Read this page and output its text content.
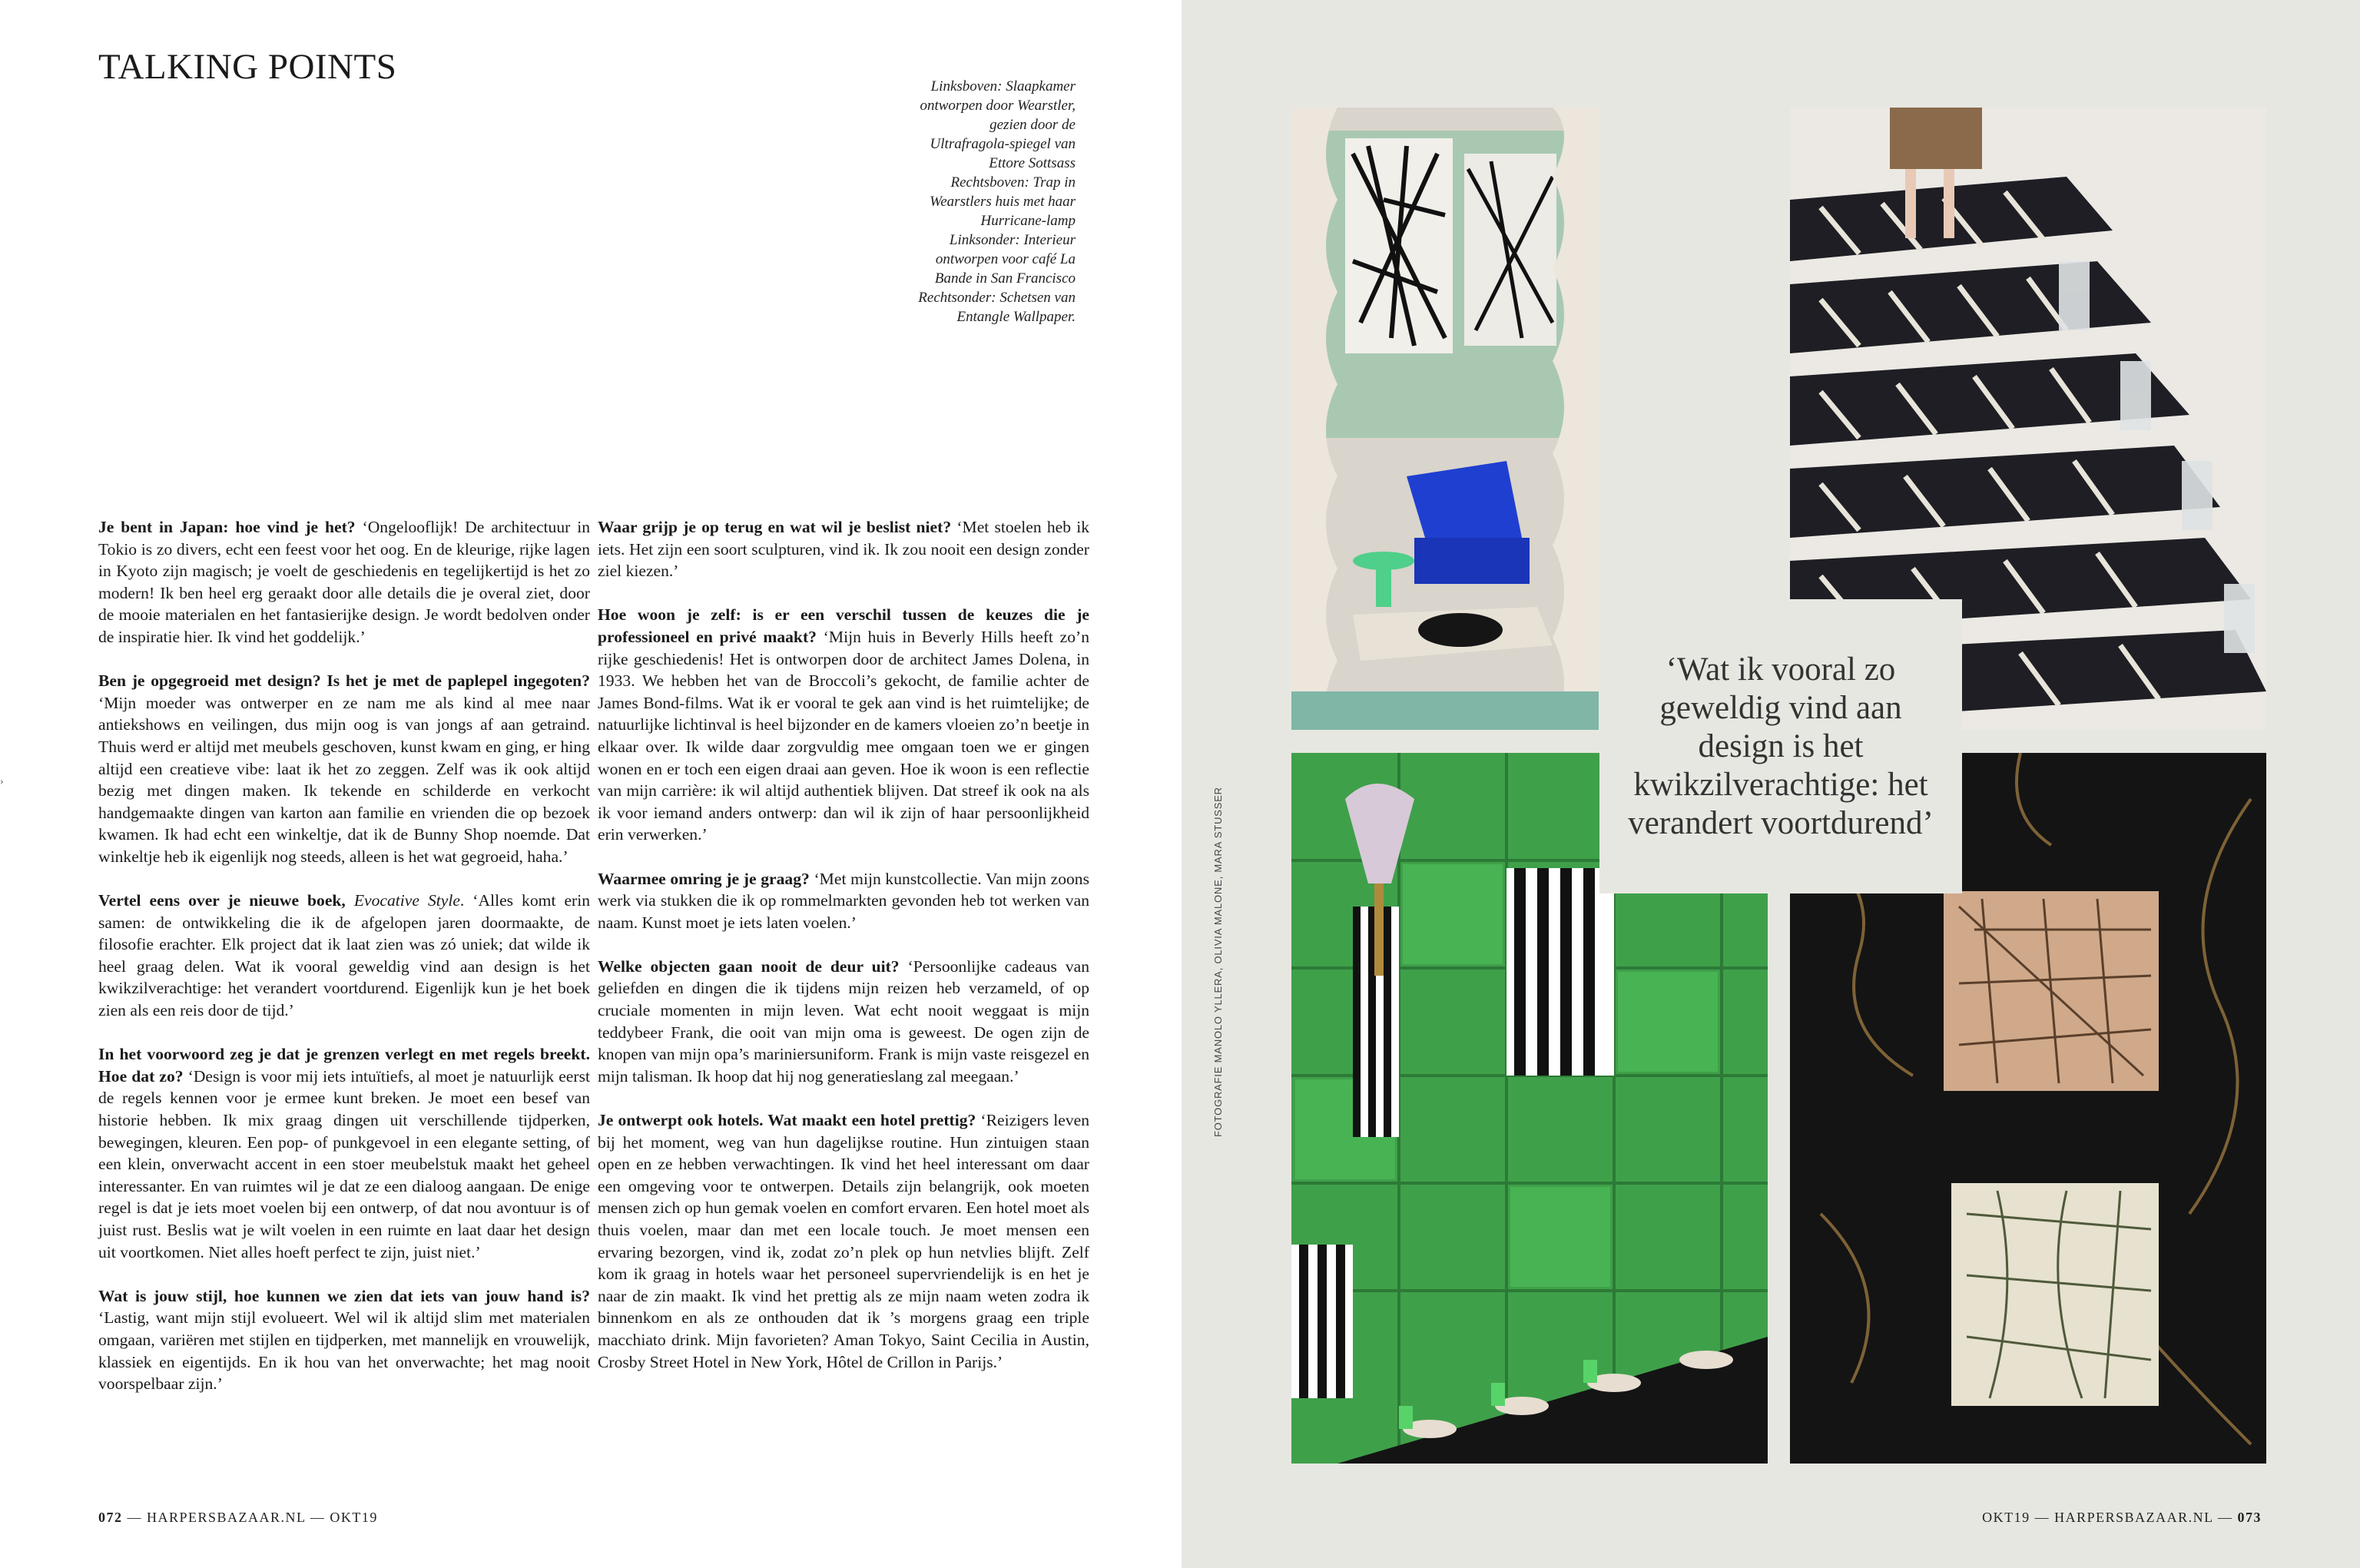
TALKING POINTS	Linksboven: Slaapkamer

ontworpen door Wearstler,

gezien door de

Ultrafragola-spiegel van

Ettore Sottsass

Rechtsboven: Trap in

Wearstlers huis met haar

Hurricane-lamp

Linksonder: Interieur

ontworpen voor café La

Bande in San Francisco

Rechtsonder: Schetsen van

Entangle Wallpaper.

›

Je bent in Japan: hoe vind je het? ‘Ongelooflijk! De architectuur in Tokio is zo divers, echt een feest voor het oog. En de kleurige, rijke lagen in Kyoto zijn magisch; je voelt de geschiedenis en tegelijkertijd is het zo modern! Ik ben heel erg geraakt door alle details die je overal ziet, door de mooie materialen en het fantasierijke design. Je wordt bedolven onder de inspiratie hier. Ik vind het goddelijk.’

Ben je opgegroeid met design? Is het je met de paplepel ingegoten? ‘Mijn moeder was ontwerper en ze nam me als kind al mee naar antiekshows en veilingen, dus mijn oog is van jongs af aan getraind. Thuis werd er altijd met meubels geschoven, kunst kwam en ging, er hing altijd een creatieve vibe: laat ik het zo zeggen. Zelf was ik ook altijd bezig met dingen maken. Ik tekende en schilderde en verkocht handgemaakte dingen van karton aan familie en vrienden die op bezoek kwamen. Ik had echt een winkeltje, dat ik de Bunny Shop noemde. Dat winkeltje heb ik eigenlijk nog steeds, alleen is het wat gegroeid, haha.’

Vertel eens over je nieuwe boek, Evocative Style. ‘Alles komt erin samen: de ontwikkeling die ik de afgelopen jaren doormaakte, de filosofie erachter. Elk project dat ik laat zien was zó uniek; dat wilde ik heel graag delen. Wat ik vooral geweldig vind aan design is het kwikzilverachtige: het verandert voortdurend. Eigenlijk kun je het boek zien als een reis door de tijd.’

In het voorwoord zeg je dat je grenzen verlegt en met regels breekt. Hoe dat zo? ‘Design is voor mij iets intuïtiefs, al moet je natuurlijk eerst de regels kennen voor je ermee kunt breken. Je moet een besef van historie hebben. Ik mix graag dingen uit verschillende tijdperken, bewegingen, kleuren. Een pop- of punkgevoel in een elegante setting, of een klein, onverwacht accent in een stoer meubelstuk maakt het geheel interessanter. En van ruimtes wil je dat ze een dialoog aangaan. De enige regel is dat je iets moet voelen bij een ontwerp, of dat nou avontuur is of juist rust. Beslis wat je wilt voelen in een ruimte en laat daar het design uit voortkomen. Niet alles hoeft perfect te zijn, juist niet.’

Wat is jouw stijl, hoe kunnen we zien dat iets van jouw hand is? ‘Lastig, want mijn stijl evolueert. Wel wil ik altijd slim met materialen omgaan, variëren met stijlen en tijdperken, met mannelijk en vrouwelijk, klassiek en eigentijds. En ik hou van het onverwachte; het mag nooit voorspelbaar zijn.’

Waar grijp je op terug en wat wil je beslist niet? ‘Met stoelen heb ik iets. Het zijn een soort sculpturen, vind ik. Ik zou nooit een design zonder ziel kiezen.’

Hoe woon je zelf: is er een verschil tussen de keuzes die je professioneel en privé maakt? ‘Mijn huis in Beverly Hills heeft zo’n rijke geschiedenis! Het is ontworpen door de architect James Dolena, in 1933. We hebben het van de Broccoli’s gekocht, de familie achter de James Bond-films. Wat ik er vooral te gek aan vind is het ruimtelijke; de natuurlijke lichtinval is heel bijzonder en de kamers vloeien zo’n beetje in elkaar over. Ik wilde daar zorgvuldig mee omgaan toen we er gingen wonen en er toch een eigen draai aan geven. Hoe ik woon is een reflectie van mijn carrière: ik wil altijd authentiek blijven. Dat streef ik ook na als ik voor iemand anders ontwerp: dan wil ik zijn of haar persoonlijkheid erin verwerken.’

Waarmee omring je je graag? ‘Met mijn kunstcollectie. Van mijn zoons werk via stukken die ik op rommelmarkten gevonden heb tot werken van naam. Kunst moet je iets laten voelen.’

Welke objecten gaan nooit de deur uit? ‘Persoonlijke cadeaus van geliefden en dingen die ik tijdens mijn reizen heb verzameld, of op cruciale momenten in mijn leven. Wat echt nooit weggaat is mijn teddybeer Frank, die ooit van mijn oma is geweest. De ogen zijn de knopen van mijn opa’s mariniersuniform. Frank is mijn vaste reisgezel en mijn talisman. Ik hoop dat hij nog generatieslang zal meegaan.’

Je ontwerpt ook hotels. Wat maakt een hotel prettig? ‘Reizigers leven bij het moment, weg van hun dagelijkse routine. Hun zintuigen staan open en ze hebben verwachtingen. Ik vind het heel interessant om daar een omgeving voor te ontwerpen. Details zijn belangrijk, ook moeten mensen zich op hun gemak voelen en comfort ervaren. Een hotel moet als thuis voelen, maar dan met een locale touch. Je moet mensen een ervaring bezorgen, vind ik, zodat zo’n plek op hun netvlies blijft. Zelf kom ik graag in hotels waar het personeel supervriendelijk is en het je naar de zin maakt. Ik vind het prettig als ze mijn naam weten zodra ik binnenkom en als ze onthouden dat ik ’s morgens graag een triple macchiato drink. Mijn favorieten? Aman Tokyo, Saint Cecilia in Austin, Crosby Street Hotel in New York, Hôtel de Crillon in Parijs.’

072 — HARPERSBAZAAR.NL — OKT19

‘Wat ik vooral zo geweldig vind aan design is het kwikzilverachtige: het verandert voortdurend’

FOTOGRAFIE MANOLO YLLERA, OLIVIA MALONE, MARA STUSSER
OKT19 — HARPERSBAZAAR.NL — 073
